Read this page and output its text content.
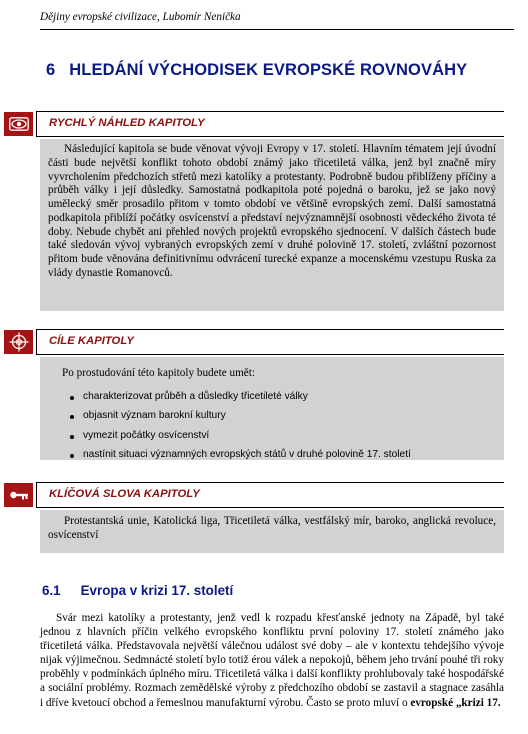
Dějiny evropské civilizace, Lubomír Nenička
6 HLEDÁNÍ VÝCHODISEK EVROPSKÉ ROVNOVÁHY
RYCHLÝ NÁHLED KAPITOLY
Následující kapitola se bude věnovat vývoji Evropy v 17. století. Hlavním tématem její úvodní části bude největší konflikt tohoto období známý jako třicetiletá válka, jenž byl značně míry vyvrcholením předchozích střetů mezi katolíky a protestanty. Podrobně budou přiblíženy příčiny a průběh války i její důsledky. Samostatná podkapitola poté pojedná o baroku, jež se jako nový umělecký směr prosadilo přitom v tomto období ve většině evropských zemí. Další samostatná podkapitola přiblíží počátky osvícenství a představí nejvýznamnější osobnosti vědeckého života té doby. Nebude chybět ani přehled nových projektů evropského sjednocení. V dalších částech bude také sledován vývoj vybraných evropských zemí v druhé polovině 17. století, zvláštní pozornost přitom bude věnována definitivnímu odvrácení turecké expanze a mocenskému vzestupu Ruska za vlády dynastie Romanovců.
CÍLE KAPITOLY
Po prostudování této kapitoly budete umět:
charakterizovat průběh a důsledky třicetileté války
objasnit význam barokní kultury
vymezit počátky osvícenství
nastínit situaci významných evropských států v druhé polovině 17. století
KLÍČOVÁ SLOVA KAPITOLY
Protestantská unie, Katolická liga, Třicetiletá válka, vestfálský mír, baroko, anglická revoluce, osvícenství
6.1 Evropa v krizi 17. století
Svár mezi katolíky a protestanty, jenž vedl k rozpadu křesťanské jednoty na Západě, byl také jednou z hlavních příčin velkého evropského konfliktu první poloviny 17. století známého jako třicetiletá válka. Představovala největší válečnou událost své doby – ale v kontextu tehdejšího vývoje nijak výjimečnou. Sedmnácté století bylo totiž érou válek a nepokojů, během jeho trvání pouhé tři roky proběhly v podmínkách úplného míru. Třicetiletá válka i další konflikty prohlubovaly také hospodářské a sociální problémy. Rozmach zemědělské výroby z předchozího období se zastavil a stagnace zasáhla i dříve kvetoucí obchod a řemeslnou manufakturní výrobu. Často se proto mluví o evropské „krizi 17.
